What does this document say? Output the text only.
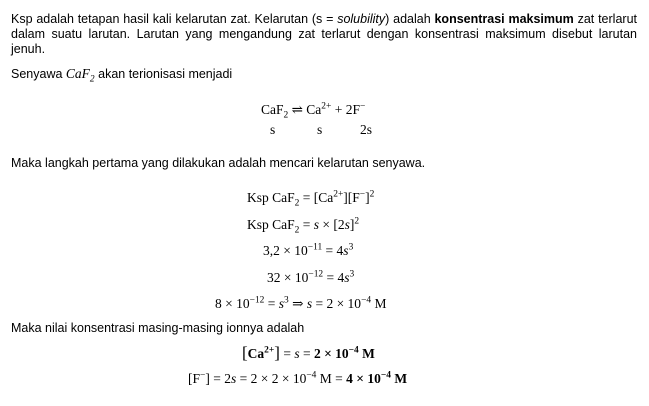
Ksp adalah tetapan hasil kali kelarutan zat. Kelarutan (s = solubility) adalah konsentrasi maksimum zat terlarut dalam suatu larutan. Larutan yang mengandung zat terlarut dengan konsentrasi maksimum disebut larutan jenuh.

Senyawa CaF$_2$ akan terionisasi menjadi

CaF$_2$ ⇌ $Ca^{2+} + 2F^-$
s	s	2s

Maka langkah pertama yang dilakukan adalah mencari kelarutan senyawa.

Ksp $CaF_2 = [Ca^{2+}][F^-]^2$
Ksp $CaF_2 = s \times [2s]^2$
$3,2 \times 10^{-11} = 4s^3$
$32 \times 10^{-12} = 4s^3$
$8 \times 10^{-12} = s^3$ ⇒ $s = 2 \times 10^{-4}$ M

Maka nilai konsentrasi masing-masing ionnya adalah

$[Ca^{2+}] = s = 2 \times 10^{-4}$ M
$[F^-] = 2s = 2 \times 2 \times 10^{-4}$ $M = 4 \times 10^{-4}$ M
